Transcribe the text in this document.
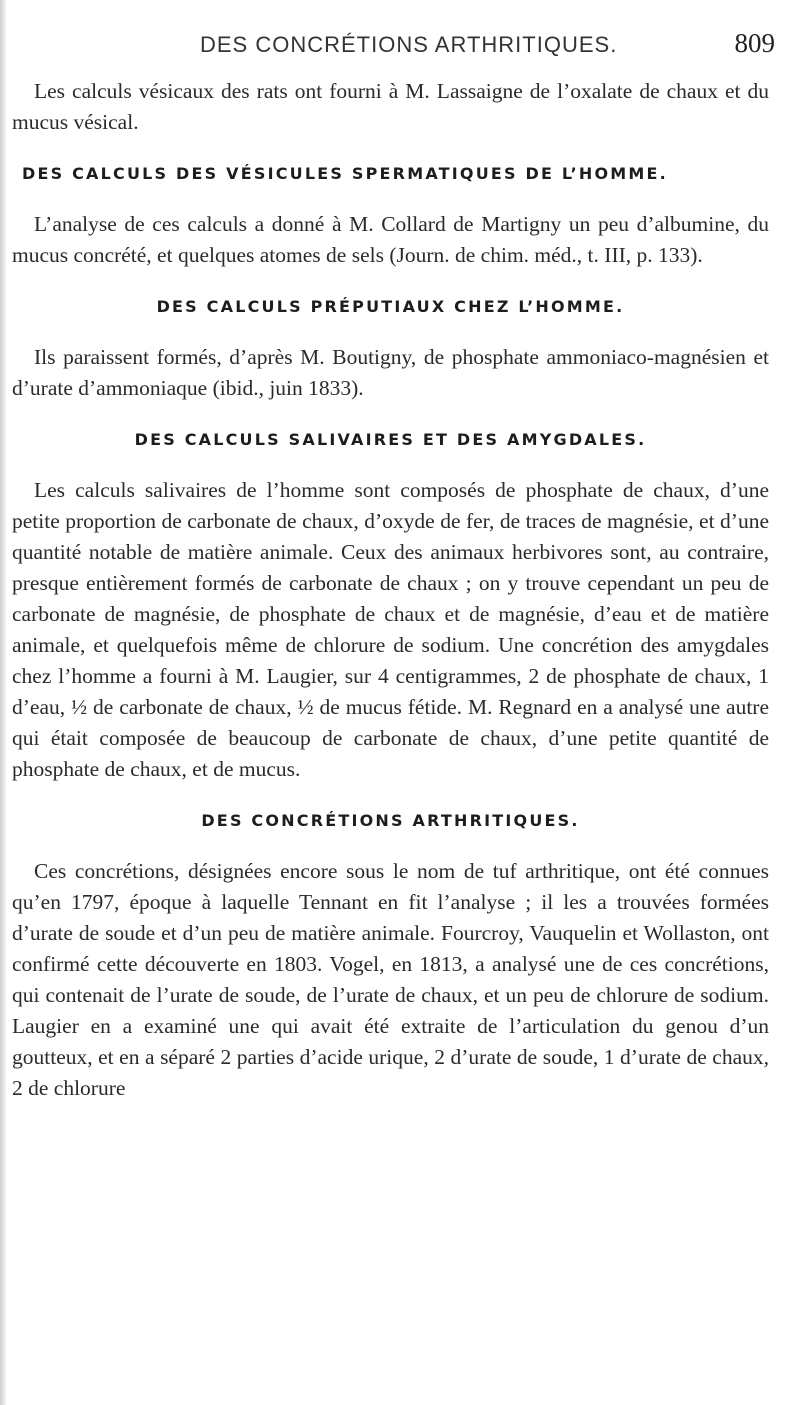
DES CONCRÉTIONS ARTHRITIQUES.	809

Les calculs vésicaux des rats ont fourni à M. Lassaigne de l’oxalate de chaux et du mucus vésical.

DES CALCULS DES VÉSICULES SPERMATIQUES DE L’HOMME.

L’analyse de ces calculs a donné à M. Collard de Martigny un peu d’albumine, du mucus concrété, et quelques atomes de sels (Journ. de chim. méd., t. III, p. 133).

DES CALCULS PRÉPUTIAUX CHEZ L’HOMME.

Ils paraissent formés, d’après M. Boutigny, de phosphate ammoniaco-magnésien et d’urate d’ammoniaque (ibid., juin 1833).

DES CALCULS SALIVAIRES ET DES AMYGDALES.

Les calculs salivaires de l’homme sont composés de phosphate de chaux, d’une petite proportion de carbonate de chaux, d’oxyde de fer, de traces de magnésie, et d’une quantité notable de matière animale. Ceux des animaux herbivores sont, au contraire, presque entièrement formés de carbonate de chaux ; on y trouve cependant un peu de carbonate de magnésie, de phosphate de chaux et de magnésie, d’eau et de matière animale, et quelquefois même de chlorure de sodium. Une concrétion des amygdales chez l’homme a fourni à M. Laugier, sur 4 centigrammes, 2 de phosphate de chaux, 1 d’eau, ½ de carbonate de chaux, ½ de mucus fétide. M. Regnard en a analysé une autre qui était composée de beaucoup de carbonate de chaux, d’une petite quantité de phosphate de chaux, et de mucus.

DES CONCRÉTIONS ARTHRITIQUES.

Ces concrétions, désignées encore sous le nom de tuf arthritique, ont été connues qu’en 1797, époque à laquelle Tennant en fit l’analyse ; il les a trouvées formées d’urate de soude et d’un peu de matière animale. Fourcroy, Vauquelin et Wollaston, ont confirmé cette découverte en 1803. Vogel, en 1813, a analysé une de ces concrétions, qui contenait de l’urate de soude, de l’urate de chaux, et un peu de chlorure de sodium. Laugier en a examiné une qui avait été extraite de l’articulation du genou d’un goutteux, et en a séparé 2 parties d’acide urique, 2 d’urate de soude, 1 d’urate de chaux, 2 de chlorure
